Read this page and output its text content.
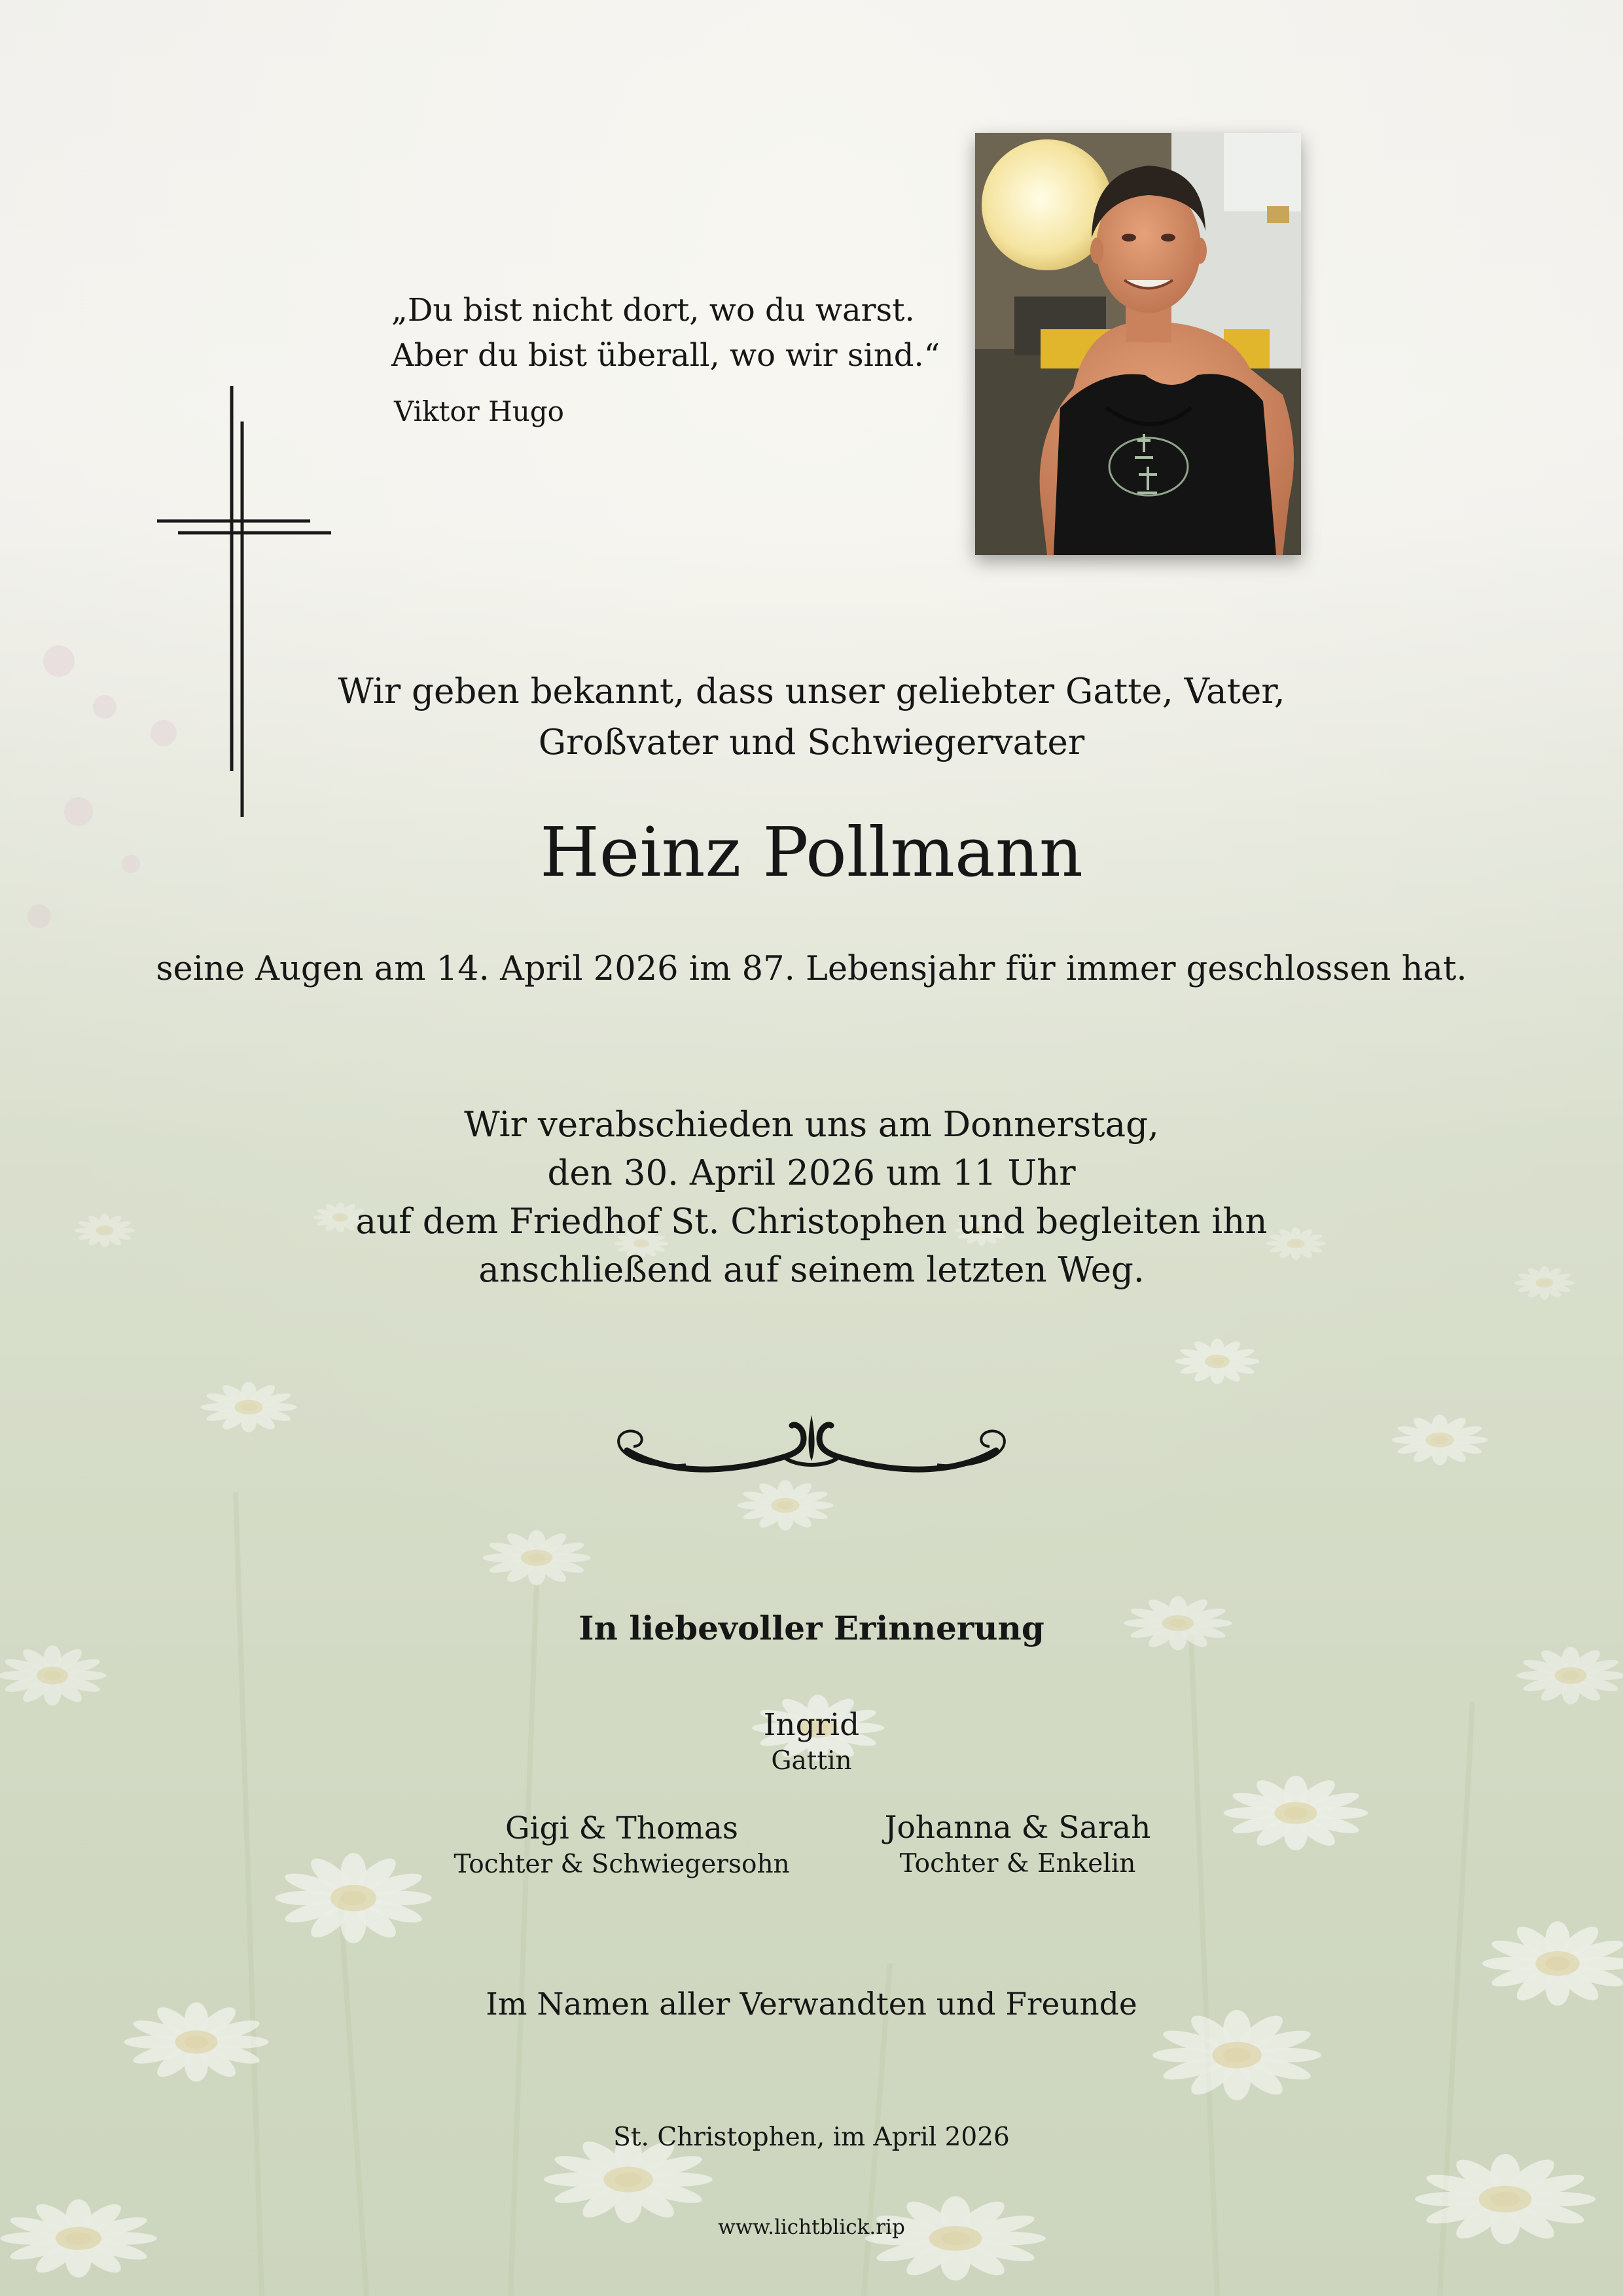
„Du bist nicht dort, wo du warst.
Aber du bist überall, wo wir sind.“
Viktor Hugo
Wir geben bekannt, dass unser geliebter Gatte, Vater,
Großvater und Schwiegervater
Heinz Pollmann
seine Augen am 14. April 2026 im 87. Lebensjahr für immer geschlossen hat.
Wir verabschieden uns am Donnerstag,
den 30. April 2026 um 11 Uhr
auf dem Friedhof St. Christophen und begleiten ihn
anschließend auf seinem letzten Weg.
In liebevoller Erinnerung
Ingrid
Gattin
Gigi & Thomas
Tochter & Schwiegersohn
Johanna & Sarah
Tochter & Enkelin
Im Namen aller Verwandten und Freunde
St. Christophen, im April 2026
www.lichtblick.rip
